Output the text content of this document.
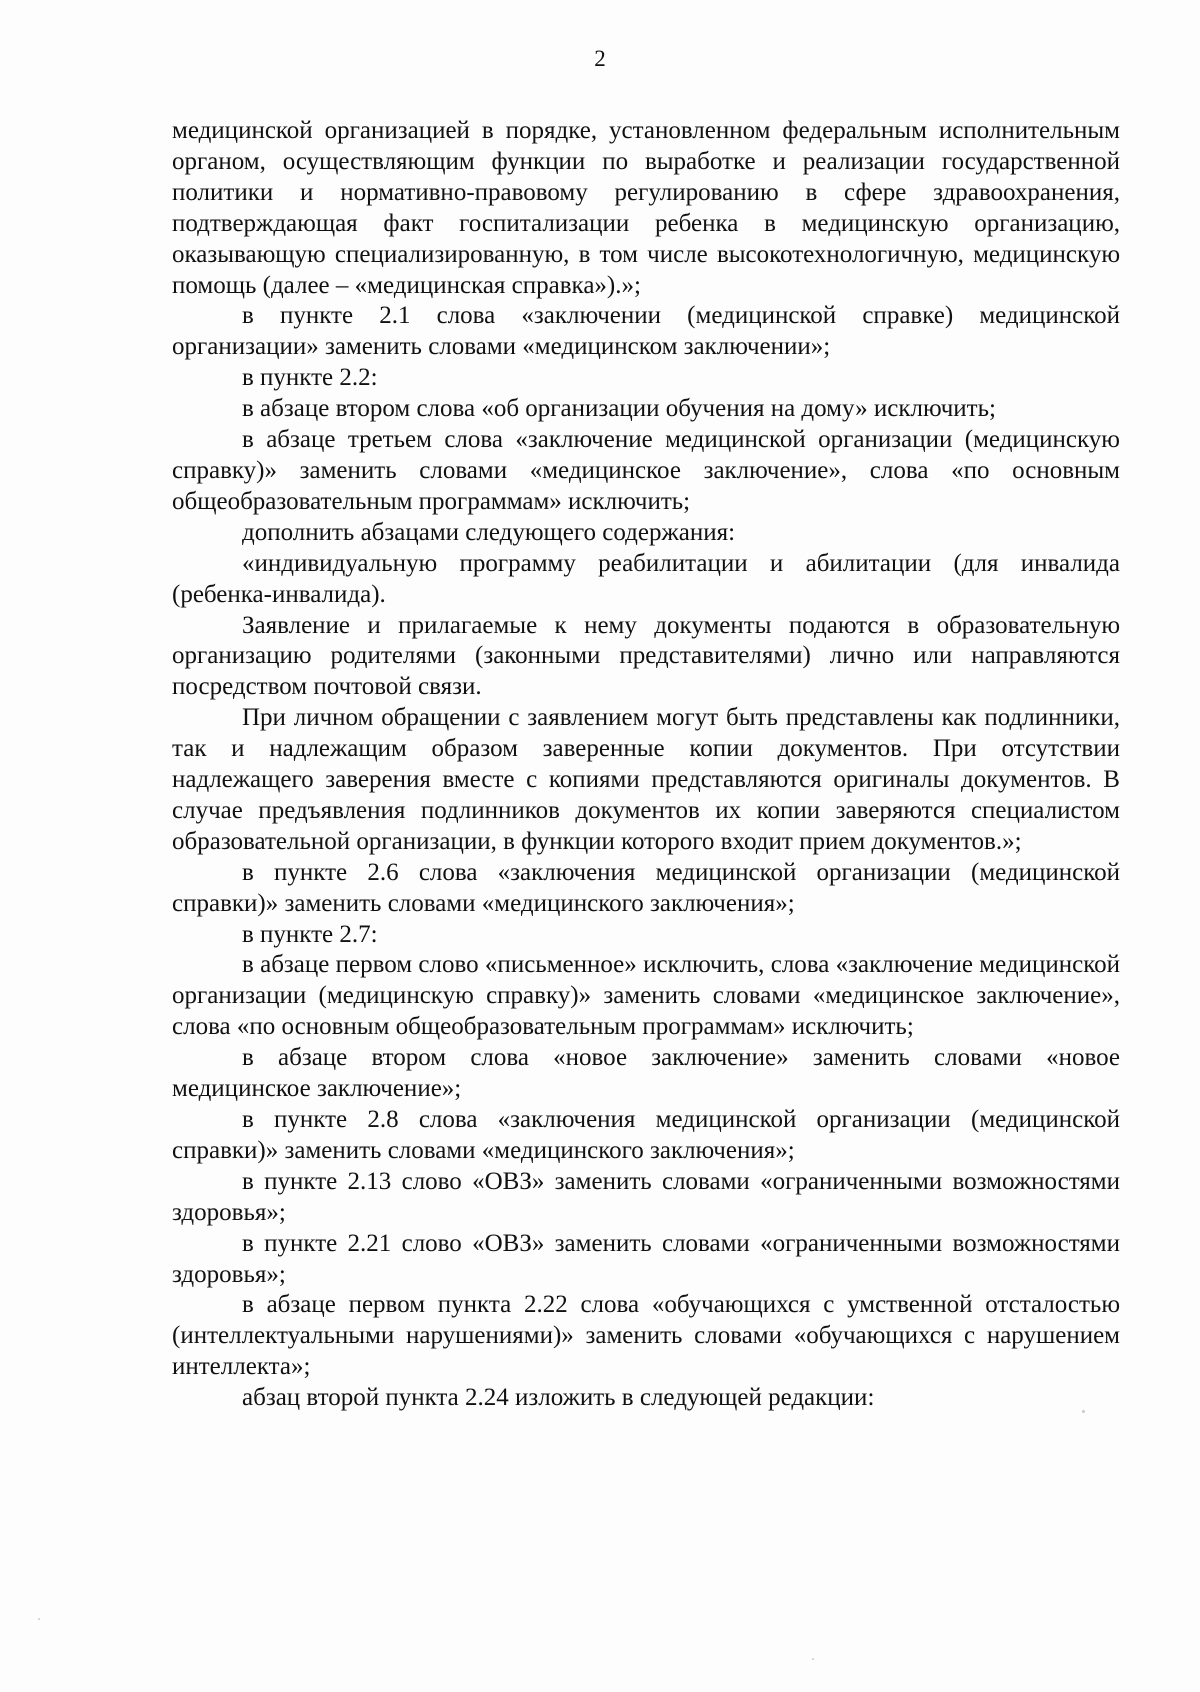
2

медицинской организацией в порядке, установленном федеральным исполнительным органом, осуществляющим функции по выработке и реализации государственной политики и нормативно-правовому регулированию в сфере здравоохранения, подтверждающая факт госпитализации ребенка в медицинскую организацию, оказывающую специализированную, в том числе высокотехнологичную, медицинскую помощь (далее – «медицинская справка»).»;

в пункте 2.1 слова «заключении (медицинской справке) медицинской организации» заменить словами «медицинском заключении»;

в пункте 2.2:

в абзаце втором слова «об организации обучения на дому» исключить;

в абзаце третьем слова «заключение медицинской организации (медицинскую справку)» заменить словами «медицинское заключение», слова «по основным общеобразовательным программам» исключить;

дополнить абзацами следующего содержания:

«индивидуальную программу реабилитации и абилитации (для инвалида (ребенка-инвалида).

Заявление и прилагаемые к нему документы подаются в образовательную организацию родителями (законными представителями) лично или направляются посредством почтовой связи.

При личном обращении с заявлением могут быть представлены как подлинники, так и надлежащим образом заверенные копии документов. При отсутствии надлежащего заверения вместе с копиями представляются оригиналы документов. В случае предъявления подлинников документов их копии заверяются специалистом образовательной организации, в функции которого входит прием документов.»;

в пункте 2.6 слова «заключения медицинской организации (медицинской справки)» заменить словами «медицинского заключения»;

в пункте 2.7:

в абзаце первом слово «письменное» исключить, слова «заключение медицинской организации (медицинскую справку)» заменить словами «медицинское заключение», слова «по основным общеобразовательным программам» исключить;

в абзаце втором слова «новое заключение» заменить словами «новое медицинское заключение»;

в пункте 2.8 слова «заключения медицинской организации (медицинской справки)» заменить словами «медицинского заключения»;

в пункте 2.13 слово «ОВЗ» заменить словами «ограниченными возможностями здоровья»;

в пункте 2.21 слово «ОВЗ» заменить словами «ограниченными возможностями здоровья»;

в абзаце первом пункта 2.22 слова «обучающихся с умственной отсталостью (интеллектуальными нарушениями)» заменить словами «обучающихся с нарушением интеллекта»;

абзац второй пункта 2.24 изложить в следующей редакции:
